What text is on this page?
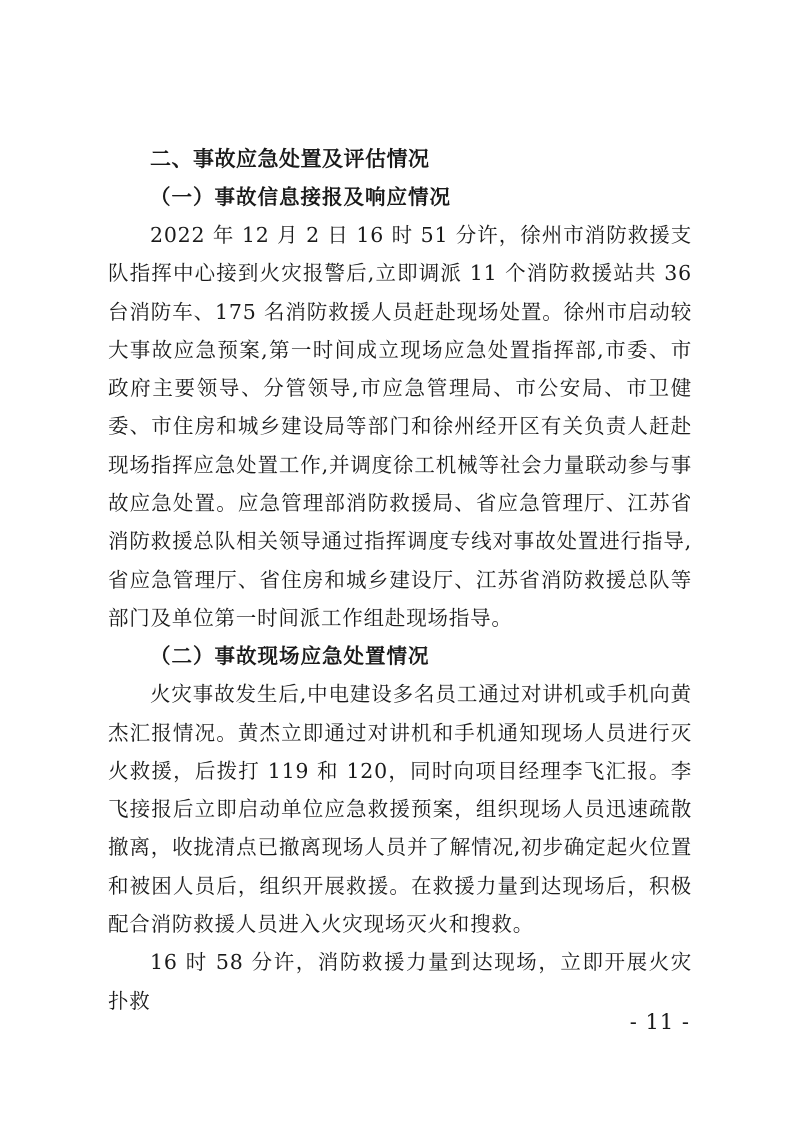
二、事故应急处置及评估情况
（一）事故信息接报及响应情况

2022 年 12 月 2 日 16 时 51 分许，徐州市消防救援支队指挥中心接到火灾报警后,立即调派 11 个消防救援站共 36 台消防车、175 名消防救援人员赶赴现场处置。徐州市启动较大事故应急预案,第一时间成立现场应急处置指挥部,市委、市政府主要领导、分管领导,市应急管理局、市公安局、市卫健委、市住房和城乡建设局等部门和徐州经开区有关负责人赶赴现场指挥应急处置工作,并调度徐工机械等社会力量联动参与事故应急处置。应急管理部消防救援局、省应急管理厅、江苏省消防救援总队相关领导通过指挥调度专线对事故处置进行指导,省应急管理厅、省住房和城乡建设厅、江苏省消防救援总队等部门及单位第一时间派工作组赴现场指导。

（二）事故现场应急处置情况

火灾事故发生后,中电建设多名员工通过对讲机或手机向黄杰汇报情况。黄杰立即通过对讲机和手机通知现场人员进行灭火救援，后拨打 119 和 120，同时向项目经理李飞汇报。李飞接报后立即启动单位应急救援预案，组织现场人员迅速疏散撤离，收拢清点已撤离现场人员并了解情况,初步确定起火位置和被困人员后，组织开展救援。在救援力量到达现场后，积极配合消防救援人员进入火灾现场灭火和搜救。

16 时 58 分许，消防救援力量到达现场，立即开展火灾扑救

- 11 -
